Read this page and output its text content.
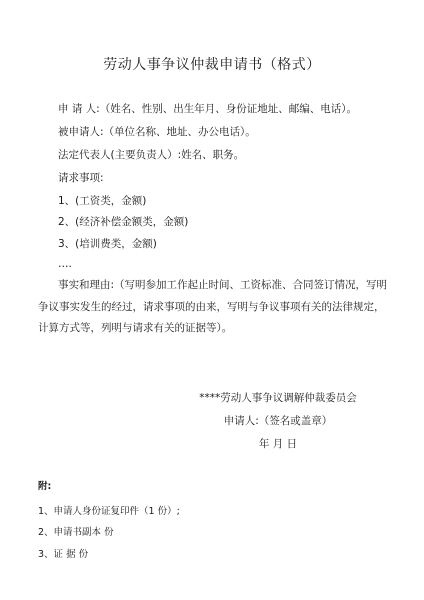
劳动人事争议仲裁申请书（格式）
申 请 人:（姓名、性别、出生年月、身份证地址、邮编、电话）。
被申请人:（单位名称、地址、办公电话）。
法定代表人(主要负责人）:姓名、职务。
请求事项:
1、(工资类，金额)
2、(经济补偿金额类，金额)
3、(培训费类，金额)
….
事实和理由:（写明参加工作起止时间、工资标准、合同签订情况，写明争议事实发生的经过，请求事项的由来，写明与争议事项有关的法律规定，计算方式等，列明与请求有关的证据等）。
****劳动人事争议调解仲裁委员会
申请人:（签名或盖章）
年 月 日
附:
1、申请人身份证复印件（1 份）;
2、申请书副本 份
3、证 据 份
